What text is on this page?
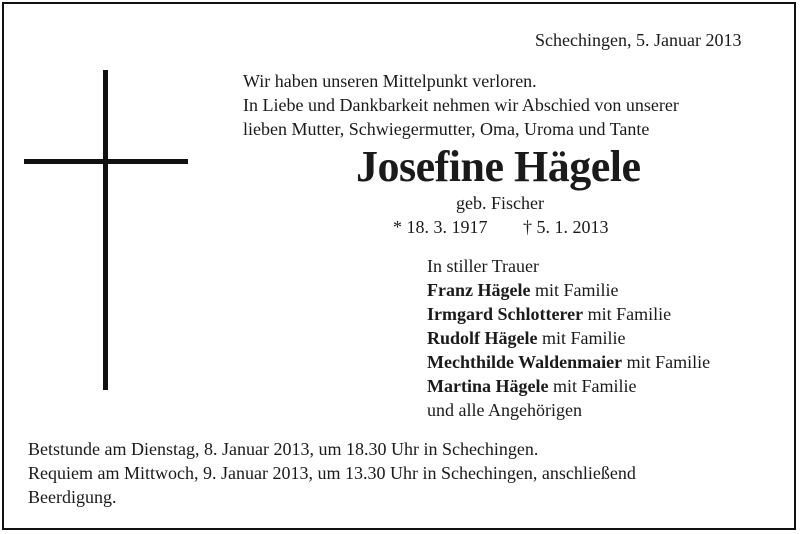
Schechingen, 5. Januar 2013
Wir haben unseren Mittelpunkt verloren.
In Liebe und Dankbarkeit nehmen wir Abschied von unserer
lieben Mutter, Schwiegermutter, Oma, Uroma und Tante
Josefine Hägele
geb. Fischer
* 18. 3. 1917 † 5. 1. 2013
In stiller Trauer
Franz Hägele mit Familie
Irmgard Schlotterer mit Familie
Rudolf Hägele mit Familie
Mechthilde Waldenmaier mit Familie
Martina Hägele mit Familie
und alle Angehörigen
Betstunde am Dienstag, 8. Januar 2013, um 18.30 Uhr in Schechingen.
Requiem am Mittwoch, 9. Januar 2013, um 13.30 Uhr in Schechingen, anschließend
Beerdigung.
